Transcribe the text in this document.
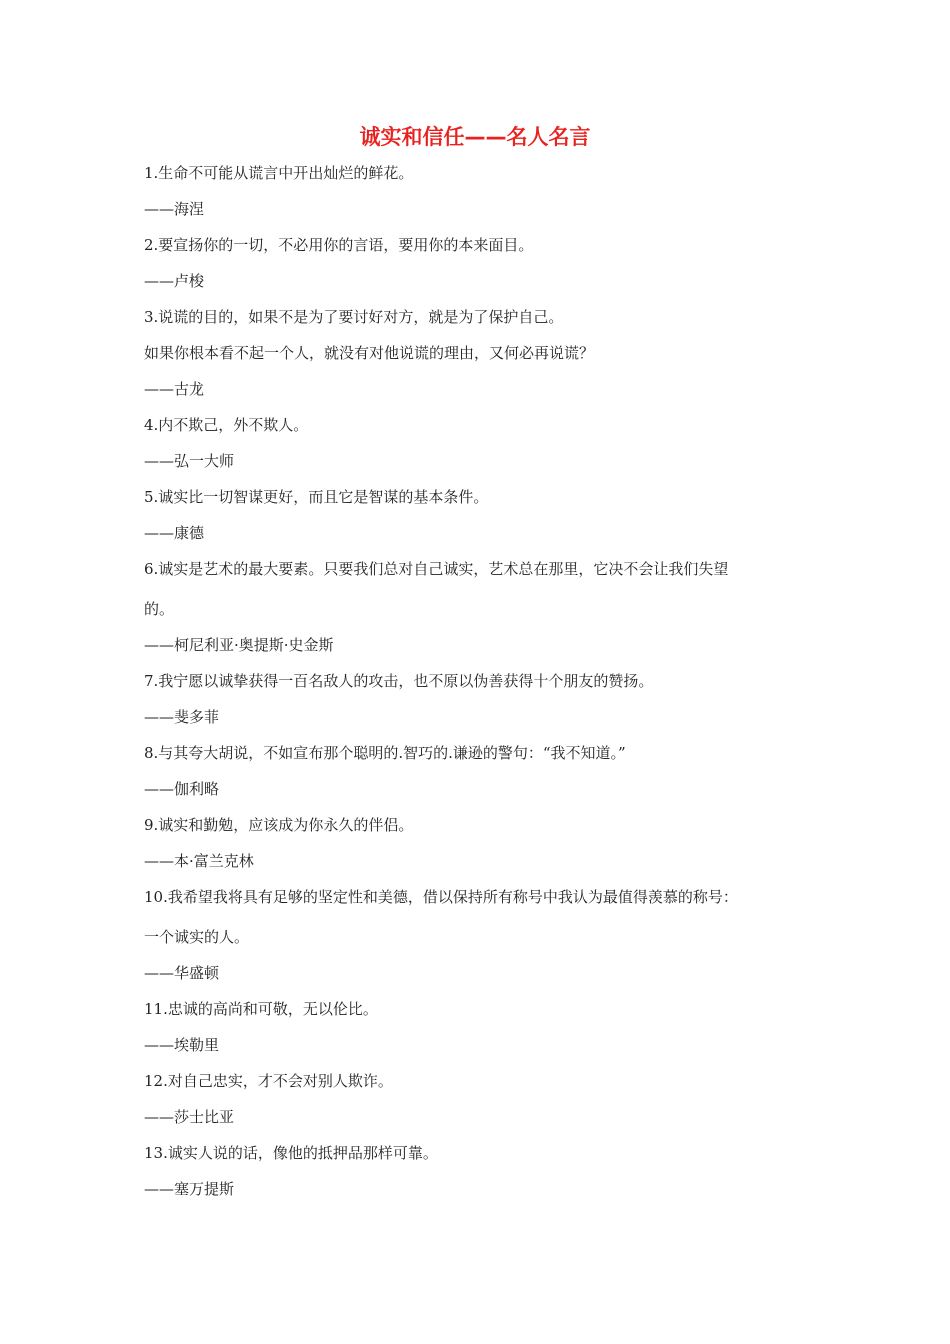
诚实和信任——名人名言
1.生命不可能从谎言中开出灿烂的鲜花。
——海涅
2.要宣扬你的一切，不必用你的言语，要用你的本来面目。
——卢梭
3.说谎的目的，如果不是为了要讨好对方，就是为了保护自己。
如果你根本看不起一个人，就没有对他说谎的理由，又何必再说谎？
——古龙
4.内不欺己，外不欺人。
——弘一大师
5.诚实比一切智谋更好，而且它是智谋的基本条件。
——康德
6.诚实是艺术的最大要素。只要我们总对自己诚实，艺术总在那里，它决不会让我们失望
的。
——柯尼利亚·奥提斯·史金斯
7.我宁愿以诚挚获得一百名敌人的攻击，也不原以伪善获得十个朋友的赞扬。
——斐多菲
8.与其夸大胡说，不如宣布那个聪明的.智巧的.谦逊的警句：“我不知道。”
——伽利略
9.诚实和勤勉，应该成为你永久的伴侣。
——本·富兰克林
10.我希望我将具有足够的坚定性和美德，借以保持所有称号中我认为最值得羡慕的称号：
一个诚实的人。
——华盛顿
11.忠诚的高尚和可敬，无以伦比。
——埃勒里
12.对自己忠实，才不会对别人欺诈。
——莎士比亚
13.诚实人说的话，像他的抵押品那样可靠。
——塞万提斯
